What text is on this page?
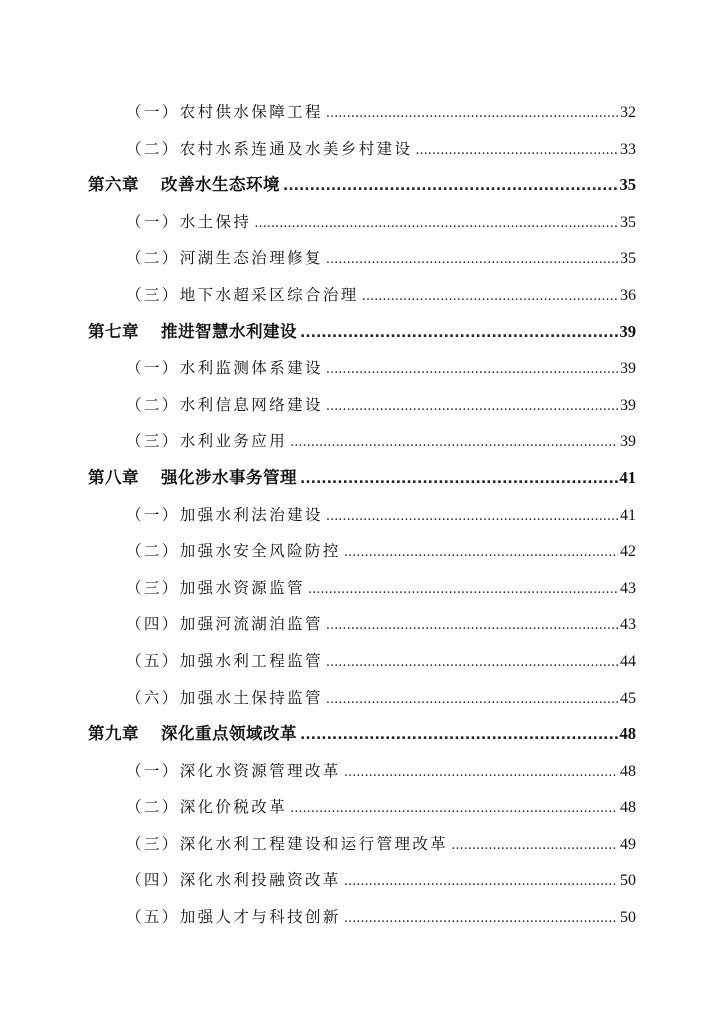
（一）农村供水保障工程 .....	32
（二）农村水系连通及水美乡村建设 .....	33
第六章 改善水生态环境 .....	35
（一）水土保持 .....	35
（二）河湖生态治理修复 .....	35
（三）地下水超采区综合治理 .....	36
第七章 推进智慧水利建设 .....	39
（一）水利监测体系建设 .....	39
（二）水利信息网络建设 .....	39
（三）水利业务应用 .....	39
第八章 强化涉水事务管理 .....	41
（一）加强水利法治建设 .....	41
（二）加强水安全风险防控 .....	42
（三）加强水资源监管 .....	43
（四）加强河流湖泊监管 .....	43
（五）加强水利工程监管 .....	44
（六）加强水土保持监管 .....	45
第九章 深化重点领域改革 .....	48
（一）深化水资源管理改革 .....	48
（二）深化价税改革 .....	48
（三）深化水利工程建设和运行管理改革 .....	49
（四）深化水利投融资改革 .....	50
（五）加强人才与科技创新 .....	50
